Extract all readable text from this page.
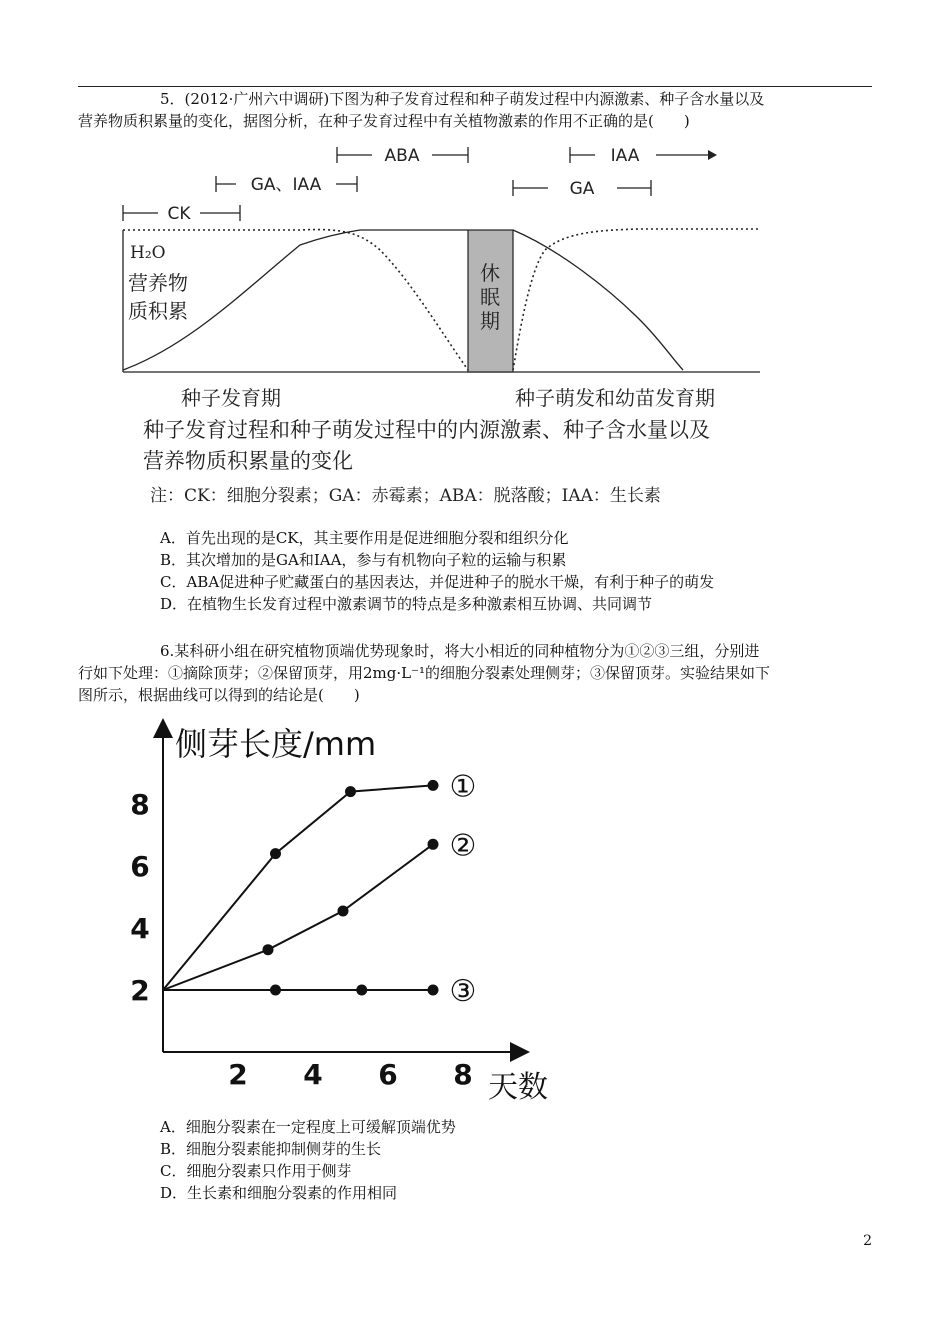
5．(2012·广州六中调研)下图为种子发育过程和种子萌发过程中内源激素、种子含水量以及
营养物质积累量的变化，据图分析，在种子发育过程中有关植物激素的作用不正确的是(　　)
ABA
GA、IAA
CK
IAA
GA
H₂O
营养物
质积累
休
眠
期
种子发育期	种子萌发和幼苗发育期
种子发育过程和种子萌发过程中的内源激素、种子含水量以及
营养物质积累量的变化
注：CK：细胞分裂素；GA：赤霉素；ABA：脱落酸；IAA：生长素
A．首先出现的是CK，其主要作用是促进细胞分裂和组织分化
B．其次增加的是GA和IAA，参与有机物向子粒的运输与积累
C．ABA促进种子贮藏蛋白的基因表达，并促进种子的脱水干燥，有利于种子的萌发
D．在植物生长发育过程中激素调节的特点是多种激素相互协调、共同调节
6.某科研小组在研究植物顶端优势现象时，将大小相近的同种植物分为①②③三组，分别进
行如下处理：①摘除顶芽；②保留顶芽，用2mg·L⁻¹的细胞分裂素处理侧芽；③保留顶芽。实验结果如下
图所示，根据曲线可以得到的结论是(　　)
侧芽长度/mm
天数
2 4 6 8
2
4
6
8
①
②
③
2
A．细胞分裂素在一定程度上可缓解顶端优势
B．细胞分裂素能抑制侧芽的生长
C．细胞分裂素只作用于侧芽
D．生长素和细胞分裂素的作用相同
